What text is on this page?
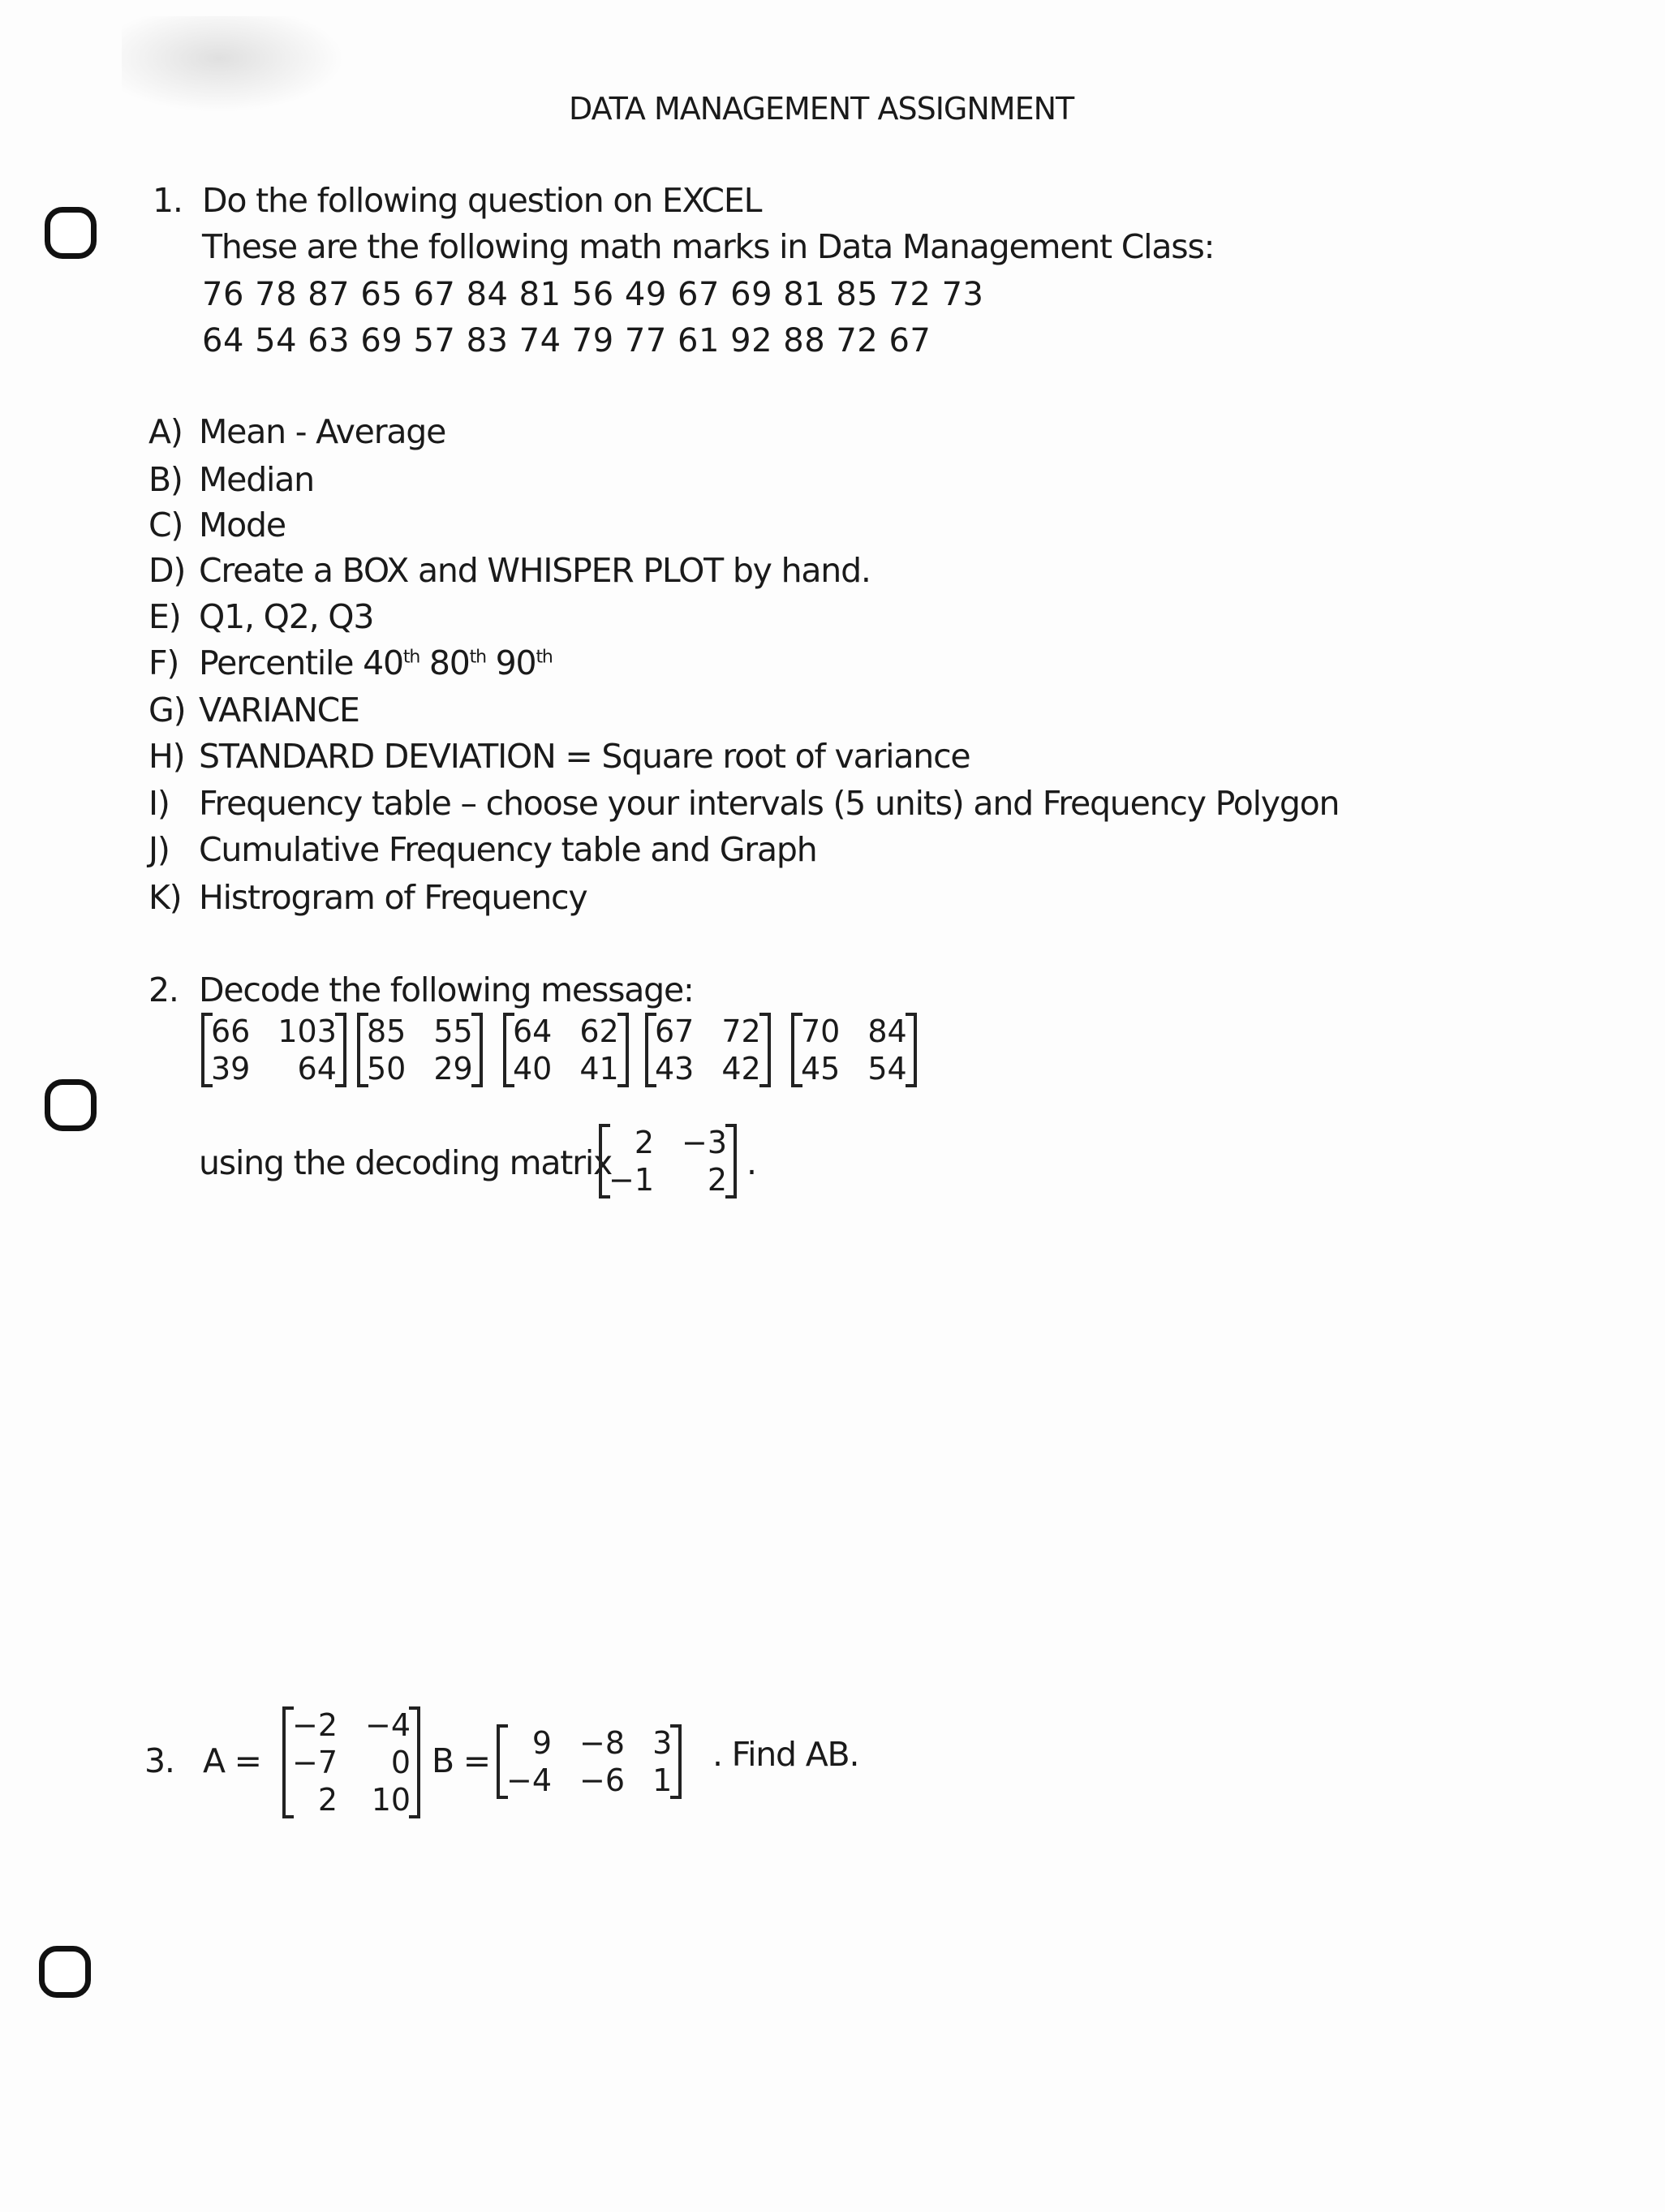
DATA MANAGEMENT ASSIGNMENT
1. Do the following question on EXCEL
These are the following math marks in Data Management Class:
76 78 87 65 67 84 81 56 49 67 69 81 85 72 73
64 54 63 69 57 83 74 79 77 61 92 88 72 67
A) Mean - Average
B) Median
C) Mode
D) Create a BOX and WHISPER PLOT by hand.
E) Q1, Q2, Q3
F) Percentile 40th 80th 90th
G) VARIANCE
H) STANDARD DEVIATION = Square root of variance
I) Frequency table – choose your intervals (5 units) and Frequency Polygon
J) Cumulative Frequency table and Graph
K) Histrogram of Frequency
2. Decode the following message:
66 103
39	64
85 55
50 29
64 62
40 41
67 72
43 42
70 84
45 54
using the decoding matrix
2 −3
−1	2 .
3. A =
−2 −4
−7	0
2 10
B =	9 −8 3
−4 −6 1
. Find AB.
